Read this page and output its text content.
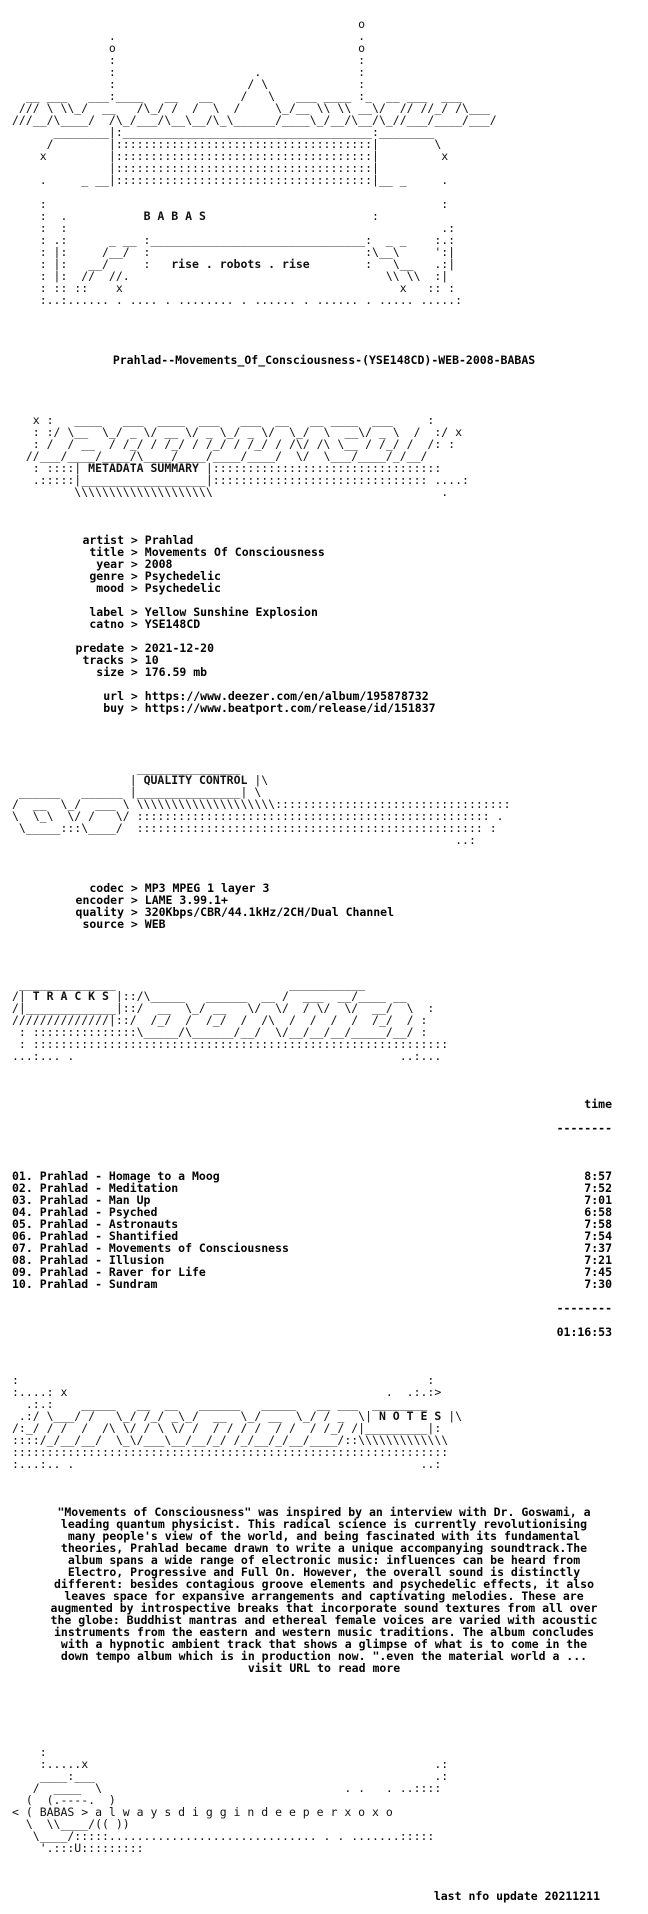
o
.                                   .
o                                   o
:                                   :
:                    .              :
:                   / \             :
__ ___   ___:____   __   __    /   \   ___ ____ :_  __ ___  ___
/// \ \\_/  __   /\_/ /  /  \  /     \_/__ \\ \\ __\/  // //_/ /\___
///__/\____/  /\_/___/\__\__/\_\______/____\_/__/\__/\_//___/____/___/
________|:____________________________________:________
/        |:::::::::::::::::::::::::::::::::::::|        \
x         |:::::::::::::::::::::::::::::::::::::|         x
|:::::::::::::::::::::::::::::::::::::|
.     _ __|:::::::::::::::::::::::::::::::::::::|__ _     .

:                                                         :
:  .	B A B A S	:
:  :                                                      .:
: .:      _ __ :_______________________________:  _ _    :.:
: |:     /__/  :                               :\__\     ':|
: |:   __/     :   rise . robots . rise	:   \__   .:|
: |:  //  //.                                     \\ \\  :|
: :: ::    x                                        x   :: :
:..:...... . .... . ........ . ...... . ...... . ..... .....:

Prahlad--Movements_Of_Consciousness-(YSE148CD)-WEB-2008-BABAS

x :   ____   ___  ____  ___   ___  __   __ ____  ___     :
: :/ \__  \_/ _ \/ __ \/ _ \_/ _ \/  \_/  \  __\/ _ \  /  :/ x
: /  / __  / /_/ / /_/ / /_/ / /_/ / /\/ /\ \__ / /_/ /  /: :
//___/____/____/\____/____/____/____/  \/  \___/____/_/__/
: ::::| METADATA SUMMARY |:::::::::::::::::::::::::::::::::
.:::::|__________________|::::::::::::::::::::::::::::::: ....:
\\\\\\\\\\\\\\\\\\\\                                 .

artist > Prahlad
title > Movements Of Consciousness
year > 2008
genre > Psychedelic
mood > Psychedelic
label > Yellow Sunshine Explosion
catno > YSE148CD
predate > 2021-12-20
tracks > 10
size > 176.59 mb
url > https://www.deezer.com/en/album/195878732
buy > https://www.beatport.com/release/id/151837

_______________
| QUALITY CONTROL |\
______   ______ |_______________| \
/  __  \_/  ___ \ \\\\\\\\\\\\\\\\\\\\::::::::::::::::::::::::::::::::::
\  \_\  \/ /   \/ ::::::::::::::::::::::::::::::::::::::::::::::::::: .
\_____:::\____/  :::::::::::::::::::::::::::::::::::::::::::::::::: :
..:

codec > MP3 MPEG 1 layer 3
encoder > LAME 3.99.1+
quality > 320Kbps/CBR/44.1kHz/2CH/Dual Channel
source > WEB

______________                         ___________
/| T R A C K S |::/\_____   ______  __ /  ___  __/____ __
/|_____________|::/  __  \_/ __   \/  \/  / \/  \/  __/  \  :
//////////////|::/  /_/  /  /_/  /  /\  /  /  /  /  /_/  / :
: :::::::::::::::\_____/\______/__/  \/__/__/__/_____/__/ :
: ::::::::::::::::::::::::::::::::::::::::::::::::::::::::::::
...:... .                                               ..:...

time

--------

01. Prahlad - Homage to a Moog	8:57
02. Prahlad - Meditation	7:52
03. Prahlad - Man Up	7:01
04. Prahlad - Psyched	6:58
05. Prahlad - Astronauts	7:58
06. Prahlad - Shantified	7:54
07. Prahlad - Movements of Consciousness	7:37
08. Prahlad - Illusion	7:21
09. Prahlad - Raver for Life	7:45
10. Prahlad - Sundram	7:30

--------

01:16:53

:                                                           :
:....: x                                              .  .:.:>
.:.:    _____   __  __   ______   _____   __ ___  ________
.:/ \___/ /   \_/ /_/ _\_/  __  \_/ __  \_/ / _  \| N O T E S |\
/:_/ / /  /  /\ \/ / \ \/ /  / / / /  / /  / /_/ /|_________|:
::::/_/__/__/  \_\/___\__/__/_/ /_/__/_/__/____/::\\\\\\\\\\\\\
:::::::::::::::::::::::::::::::::::::::::::::::::::::::::::::::
:...:.. .                                                  ..:

"Movements of Consciousness" was inspired by an interview with Dr. Goswami, a leading quantum physicist. This radical science is currently revolutionising many people's view of the world, and being fascinated with its fundamental theories, Prahlad became drawn to write a unique accompanying soundtrack.The album spans a wide range of electronic music: influences can be heard from Electro, Progressive and Full On. However, the overall sound is distinctly different: besides contagious groove elements and psychedelic effects, it also leaves space for expansive arrangements and captivating melodies. These are augmented by introspective breaks that incorporate sound textures from all over the globe: Buddhist mantras and ethereal female voices are varied with acoustic instruments from the eastern and western music traditions. The album concludes with a hypnotic ambient track that shows a glimpse of what is to come in the down tempo album which is in production now. ".even the material world a ... visit URL to read more

:
:.....x                                                  .:
____:___                                                 .:
/  ____  \                                   . .   . ..::::
(  (.----.  )
< ( BABAS > a l w a y s d i g g i n d e e p e r x o x o
\  \\____/(( ))
\____/:::::.............................. . . .......:::::
'.:::U:::::::::

last nfo update 20211211
